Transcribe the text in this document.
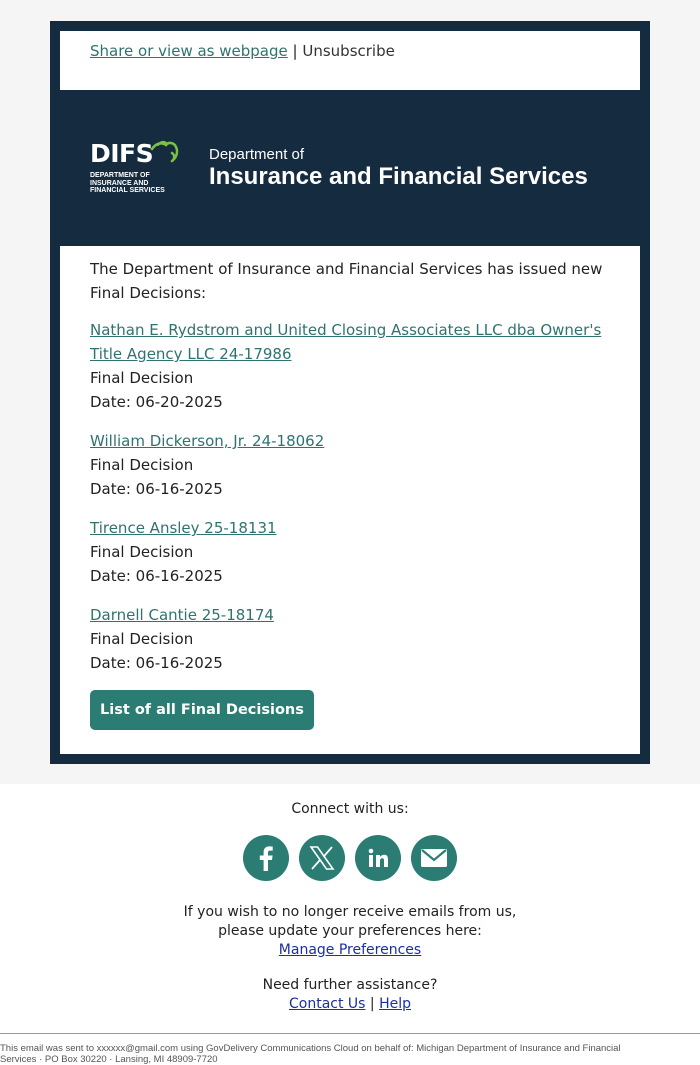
Share or view as webpage | Unsubscribe
DIFS
DEPARTMENT OF
INSURANCE AND
FINANCIAL SERVICES
Department of
Insurance and Financial Services
The Department of Insurance and Financial Services has issued new Final Decisions:
Nathan E. Rydstrom and United Closing Associates LLC dba Owner's Title Agency LLC 24-17986
Final Decision
Date: 06-20-2025
William Dickerson, Jr. 24-18062
Final Decision
Date: 06-16-2025
Tirence Ansley 25-18131
Final Decision
Date: 06-16-2025
Darnell Cantie 25-18174
Final Decision
Date: 06-16-2025
List of all Final Decisions
Connect with us:
If you wish to no longer receive emails from us,
please update your preferences here:
Manage Preferences
Need further assistance?
Contact Us | Help
This email was sent to xxxxxx@gmail.com using GovDelivery Communications Cloud on behalf of: Michigan Department of Insurance and Financial Services · PO Box 30220 · Lansing, MI 48909-7720
